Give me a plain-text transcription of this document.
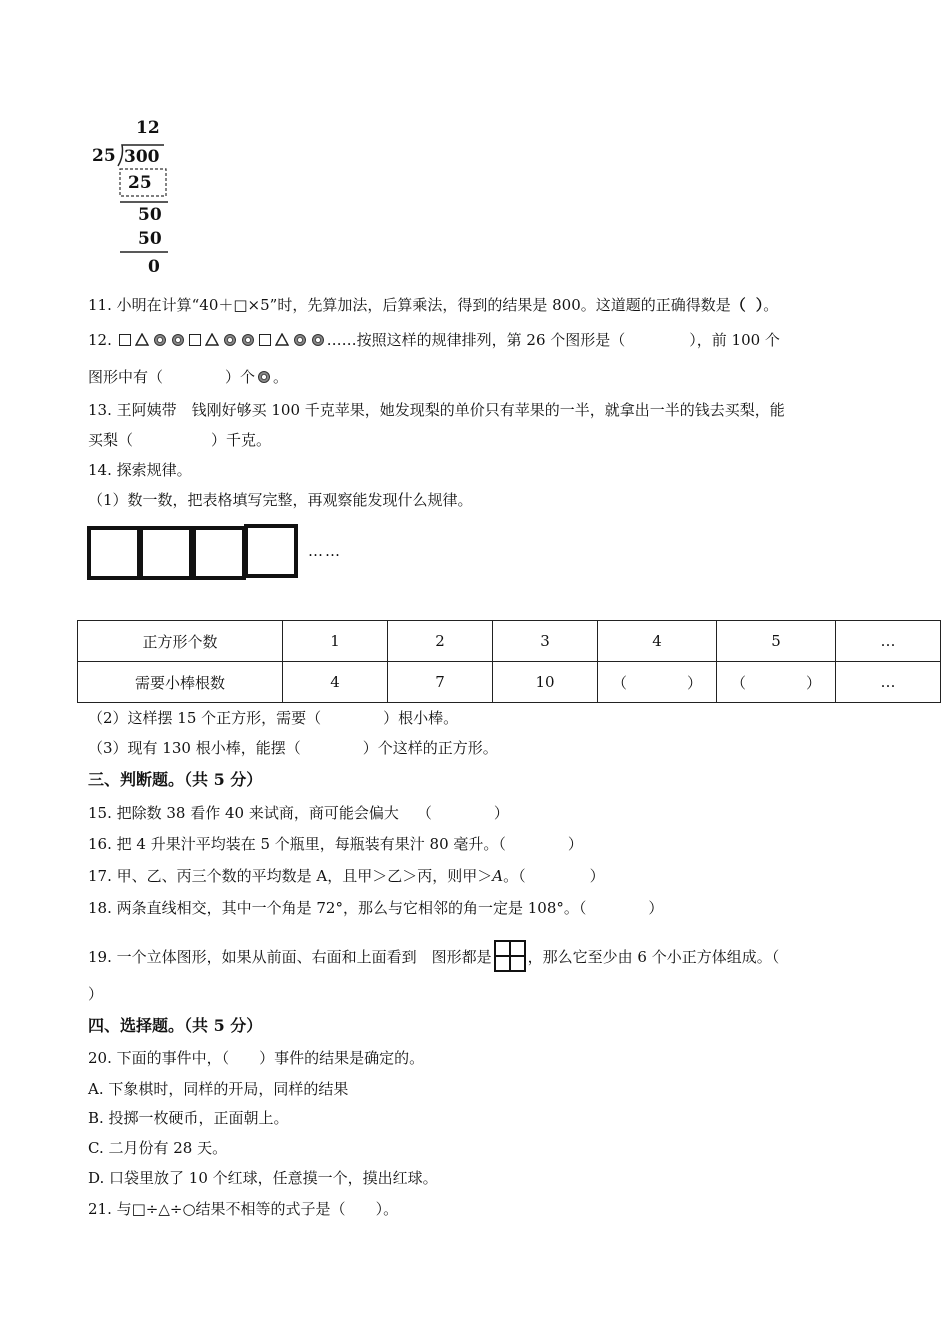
12
25 300
25
50
50
0
11. 小明在计算“40＋□×5”时，先算加法，后算乘法，得到的结果是 800。这道题的正确得数是（ ）。
12.	……按照这样的规律排列，第 26 个图形是（	），前 100 个
图形中有（	）个 。
13. 王阿姨带　钱刚好够买 100 千克苹果，她发现梨的单价只有苹果的一半，就拿出一半的钱去买梨，能
买梨（	）千克。
14. 探索规律。
（1）数一数，把表格填写完整，再观察能发现什么规律。
……
正方形个数	1	2	3	4	5	…
需要小棒根数	4	7	10	（　　　　）	（　　　　）	…
（2）这样摆 15 个正方形，需要（	）根小棒。
（3）现有 130 根小棒，能摆（	）个这样的正方形。
三、判断题。（共 5 分）
15. 把除数 38 看作 40 来试商，商可能会偏大 （	）
16. 把 4 升果汁平均装在 5 个瓶里，每瓶装有果汁 80 毫升。（	）
17. 甲、乙、丙三个数的平均数是 A，且甲＞乙＞丙，则甲＞A。（	）
18. 两条直线相交，其中一个角是 72°，那么与它相邻的角一定是 108°。（	）
19. 一个立体图形，如果从前面、右面和上面看到　图形都是 ，那么它至少由 6 个小正方体组成。（
）
四、选择题。（共 5 分）
20. 下面的事件中，（ ）事件的结果是确定的。
A. 下象棋时，同样的开局，同样的结果
B. 投掷一枚硬币，正面朝上。
C. 二月份有 28 天。
D. 口袋里放了 10 个红球，任意摸一个，摸出红球。
21. 与□÷△÷○结果不相等的式子是（ ）。
